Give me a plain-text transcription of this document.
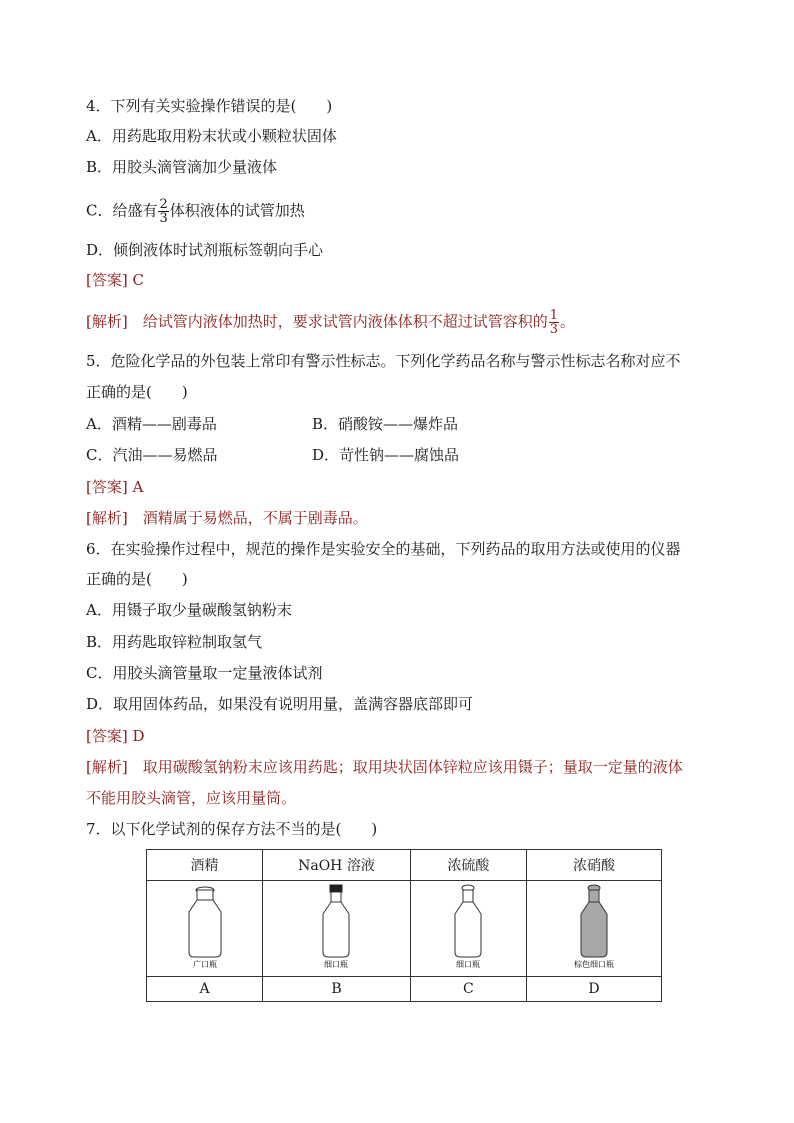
4．下列有关实验操作错误的是(　　)
A．用药匙取用粉末状或小颗粒状固体
B．用胶头滴管滴加少量液体
C．给盛有 $\frac{2}{3}$ 体积液体的试管加热
D．倾倒液体时试剂瓶标签朝向手心
[答案] C
[解析]　给试管内液体加热时，要求试管内液体体积不超过试管容积的 $\frac{1}{3}$ 。
5．危险化学品的外包装上常印有警示性标志。下列化学药品名称与警示性标志名称对应不
正确的是(　　)
A．酒精——剧毒品	B．硝酸铵——爆炸品
C．汽油——易燃品	D．苛性钠——腐蚀品
[答案] A
[解析]　酒精属于易燃品，不属于剧毒品。
6．在实验操作过程中，规范的操作是实验安全的基础，下列药品的取用方法或使用的仪器
正确的是(　　)
A．用镊子取少量碳酸氢钠粉末
B．用药匙取锌粒制取氢气
C．用胶头滴管量取一定量液体试剂
D．取用固体药品，如果没有说明用量，盖满容器底部即可
[答案] D
[解析]　取用碳酸氢钠粉末应该用药匙；取用块状固体锌粒应该用镊子；量取一定量的液体
不能用胶头滴管，应该用量筒。
7．以下化学试剂的保存方法不当的是(　　)
酒精	NaOH 溶液	浓硫酸	浓硝酸

广口瓶	细口瓶	细口瓶	棕色细口瓶

A	B	C	D
